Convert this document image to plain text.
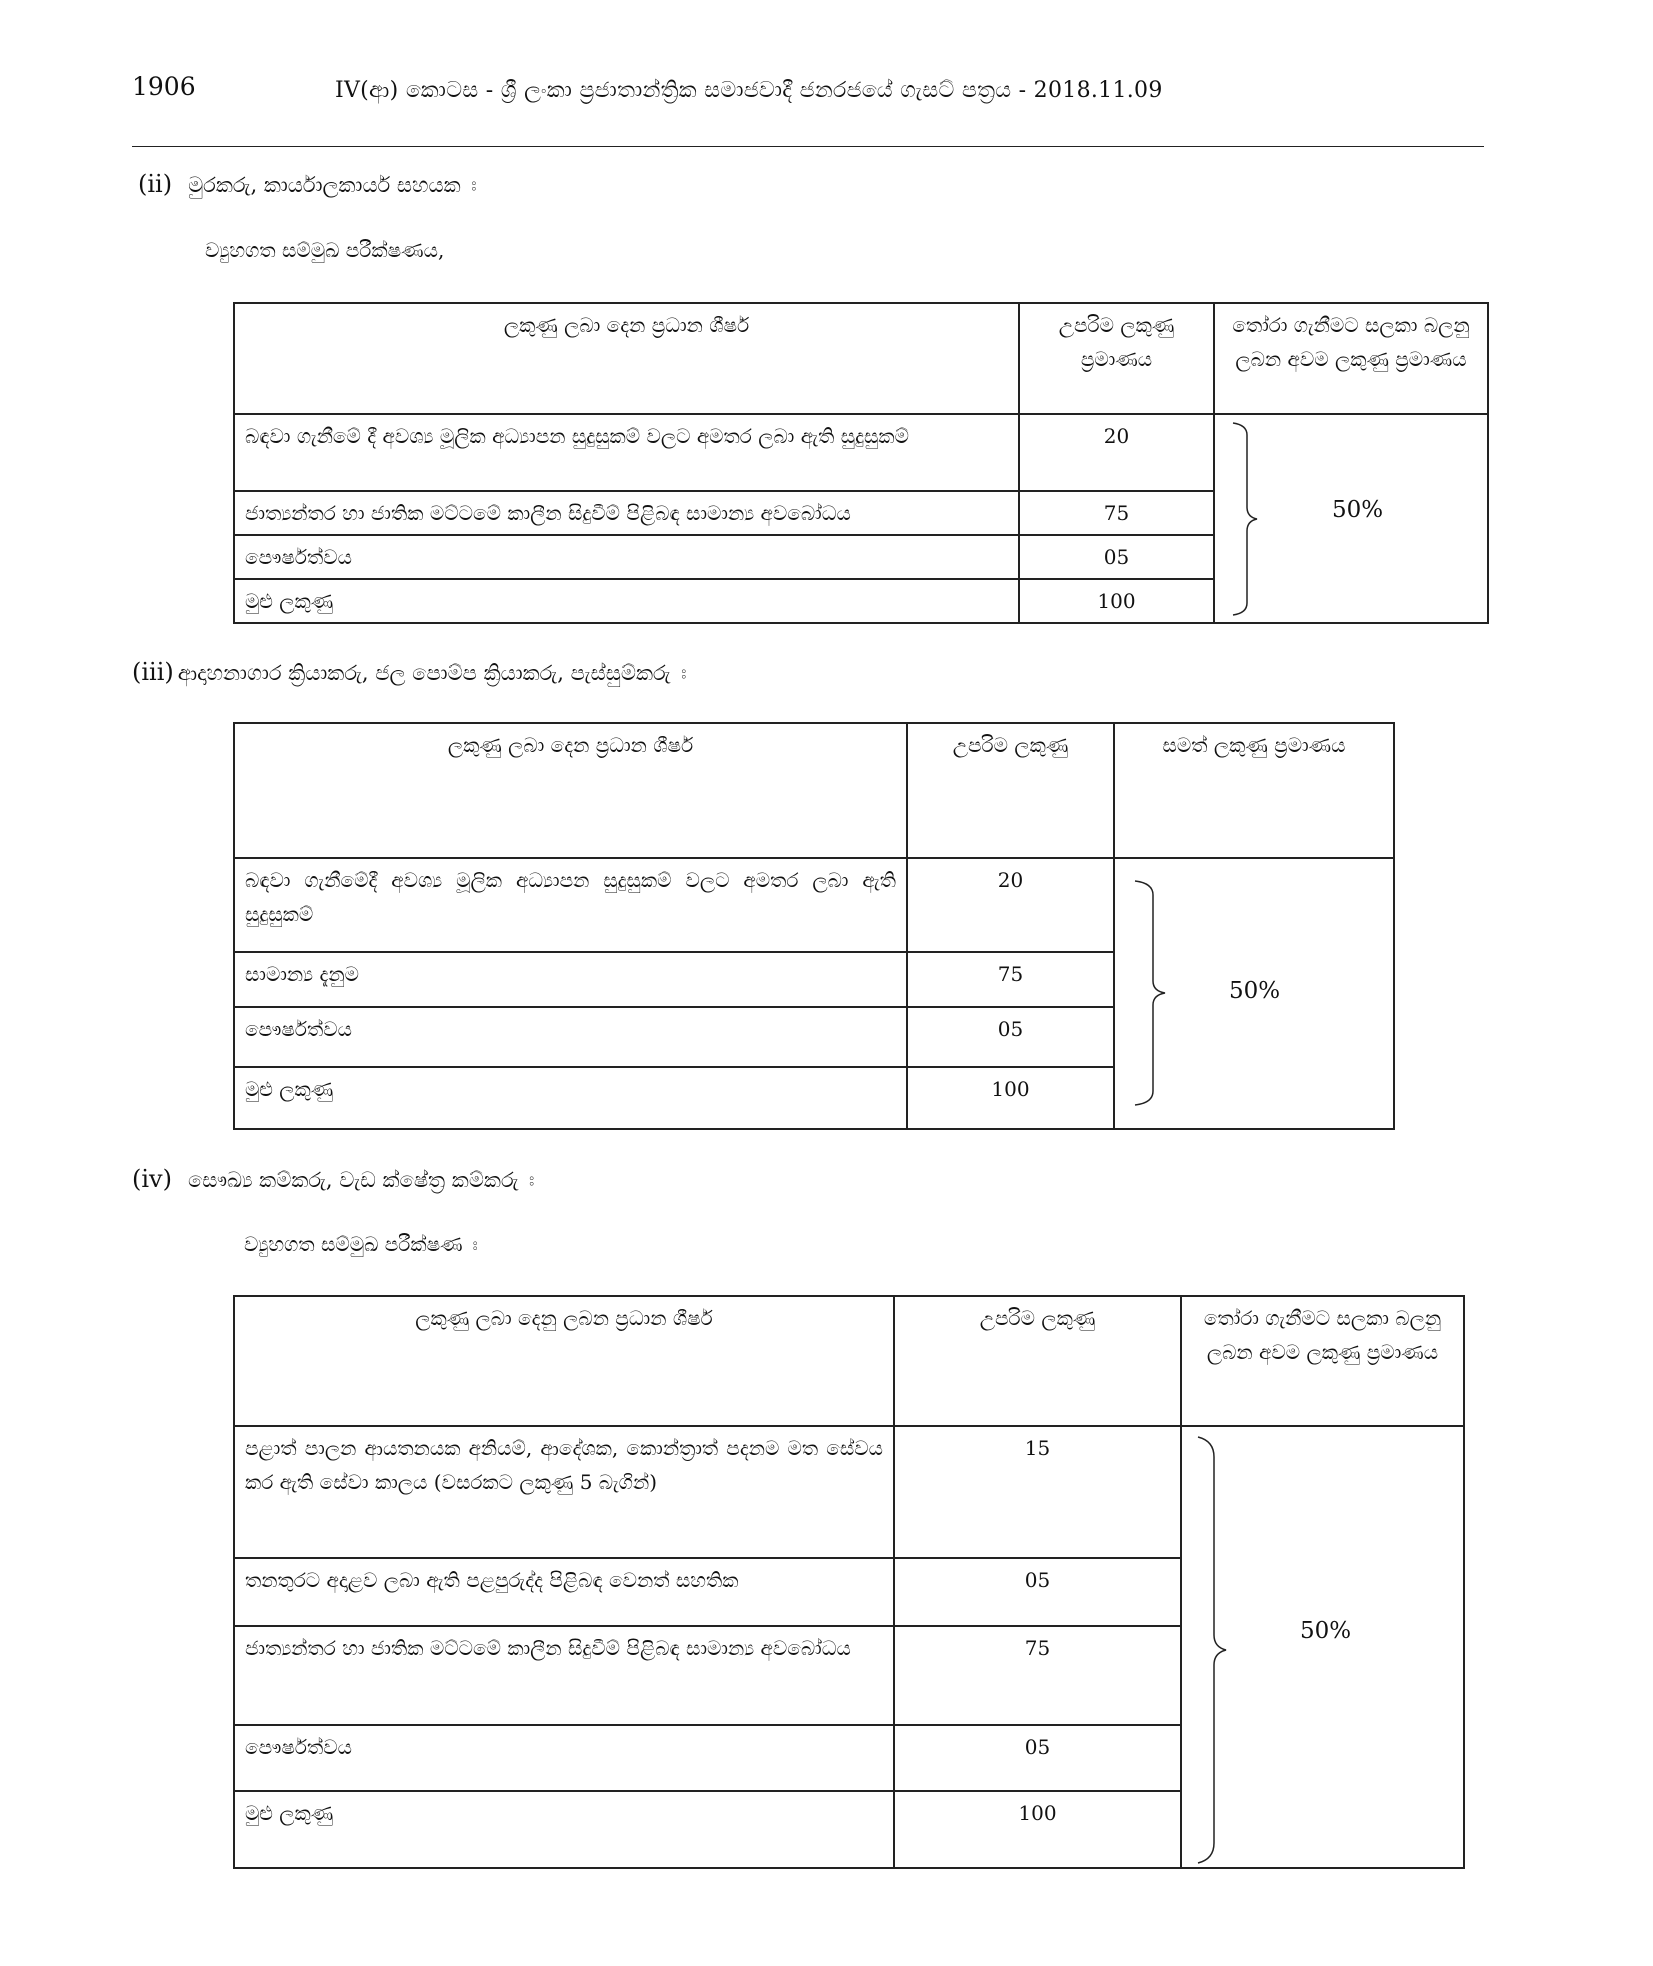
1906	IV(ආ) කොටස - ශ්‍රී ලංකා ප්‍රජාතාන්ත්‍රික සමාජවාදී ජනරජයේ ගැසට් පත්‍රය - 2018.11.09
(ii) මුරකරු, කාර්යාලකාර්ය සහයක ඃ
ව්‍යුහගත සම්මුඛ පරීක්ෂණය,
ලකුණු ලබා දෙන ප්‍රධාන ශීර්ෂ	උපරිම ලකුණු ප්‍රමාණය	තෝරා ගැනීමට සලකා බලනු ලබන අවම ලකුණු ප්‍රමාණය
බඳවා ගැනීමේ දී අවශ්‍ය මූලික අධ්‍යාපන සුදුසුකම් වලට අමතර ලබා ඇති සුදුසුකම්	20	50%

ජාත්‍යන්තර හා ජාතික මට්ටමේ කාලීන සිදුවීම් පිළිබඳ සාමාන්‍ය අවබෝධය	75	
පෞර්ෂත්වය	05	
මුළු ලකුණු	100	
(iii) ආදාහනාගාර ක්‍රියාකරු, ජල පොම්ප ක්‍රියාකරු, පැස්සුම්කරු ඃ
ලකුණු ලබා දෙන ප්‍රධාන ශීර්ෂ	උපරිම ලකුණු	සමත් ලකුණු ප්‍රමාණය
බඳවා ගැනීමේදී අවශ්‍ය මූලික අධ්‍යාපන සුදුසුකම් වලට අමතර ලබා ඇති සුදුසුකම්	20	50%

සාමාන්‍ය දැනුම	75	
පෞර්ෂත්වය	05	
මුළු ලකුණු	100	
(iv) සෞඛ්‍ය කම්කරු, වැඩ ක්ෂේත්‍ර කම්කරු ඃ
ව්‍යුහගත සම්මුඛ පරීක්ෂණ ඃ
ලකුණු ලබා දෙනු ලබන ප්‍රධාන ශීර්ෂ	උපරිම ලකුණු	තෝරා ගැනීමට සලකා බලනු ලබන අවම ලකුණු ප්‍රමාණය
පළාත් පාලන ආයතනයක අනියම්, ආදේශක, කොන්ත්‍රාත් පදනම මත සේවය කර ඇති සේවා කාලය (වසරකට ලකුණු 5 බැගින්)	15	50%

තනතුරට අදාළව ලබා ඇති පළපුරුද්ද පිළිබඳ වෙනත් සහතික	05	
ජාත්‍යන්තර හා ජාතික මට්ටමේ කාලීන සිදුවීම් පිළිබඳ සාමාන්‍ය අවබෝධය	75	
පෞර්ෂත්වය	05	
මුළු ලකුණු	100	
